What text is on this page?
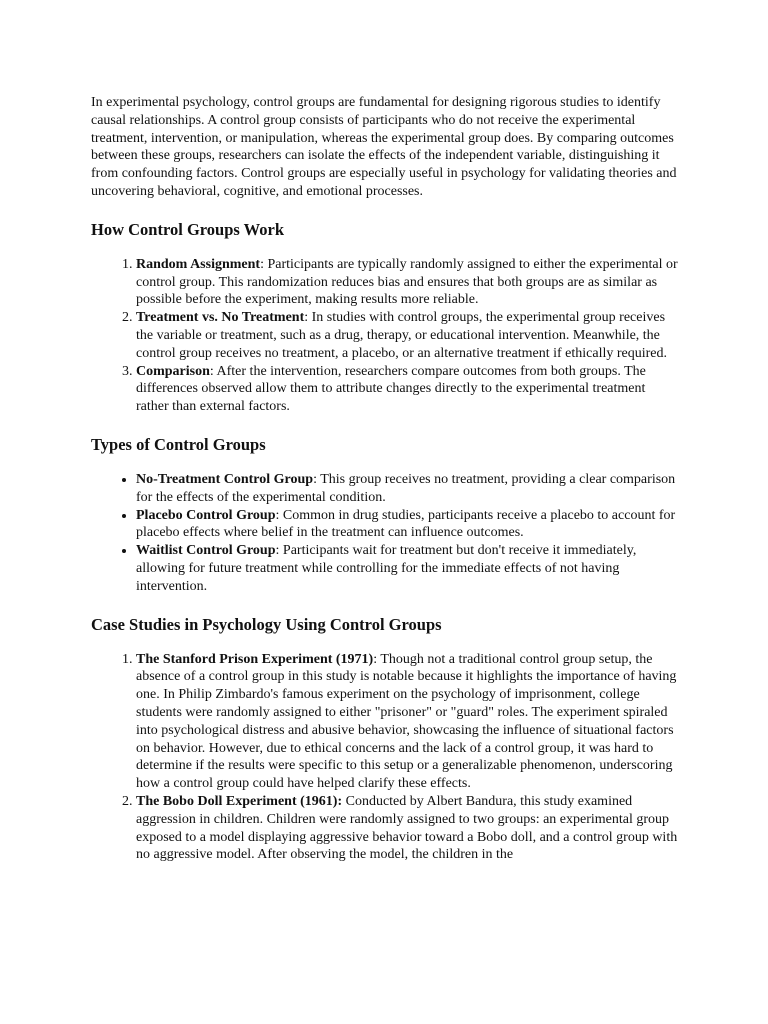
In experimental psychology, control groups are fundamental for designing rigorous studies to identify causal relationships. A control group consists of participants who do not receive the experimental treatment, intervention, or manipulation, whereas the experimental group does. By comparing outcomes between these groups, researchers can isolate the effects of the independent variable, distinguishing it from confounding factors. Control groups are especially useful in psychology for validating theories and uncovering behavioral, cognitive, and emotional processes.

How Control Groups Work
1. Random Assignment: Participants are typically randomly assigned to either the experimental or control group. This randomization reduces bias and ensures that both groups are as similar as possible before the experiment, making results more reliable.
2. Treatment vs. No Treatment: In studies with control groups, the experimental group receives the variable or treatment, such as a drug, therapy, or educational intervention. Meanwhile, the control group receives no treatment, a placebo, or an alternative treatment if ethically required.
3. Comparison: After the intervention, researchers compare outcomes from both groups. The differences observed allow them to attribute changes directly to the experimental treatment rather than external factors.
Types of Control Groups
• No-Treatment Control Group: This group receives no treatment, providing a clear comparison for the effects of the experimental condition.
• Placebo Control Group: Common in drug studies, participants receive a placebo to account for placebo effects where belief in the treatment can influence outcomes.
• Waitlist Control Group: Participants wait for treatment but don't receive it immediately, allowing for future treatment while controlling for the immediate effects of not having intervention.
Case Studies in Psychology Using Control Groups
1. The Stanford Prison Experiment (1971): Though not a traditional control group setup, the absence of a control group in this study is notable because it highlights the importance of having one. In Philip Zimbardo's famous experiment on the psychology of imprisonment, college students were randomly assigned to either "prisoner" or "guard" roles. The experiment spiraled into psychological distress and abusive behavior, showcasing the influence of situational factors on behavior. However, due to ethical concerns and the lack of a control group, it was hard to determine if the results were specific to this setup or a generalizable phenomenon, underscoring how a control group could have helped clarify these effects.
2. The Bobo Doll Experiment (1961): Conducted by Albert Bandura, this study examined aggression in children. Children were randomly assigned to two groups: an experimental group exposed to a model displaying aggressive behavior toward a Bobo doll, and a control group with no aggressive model. After observing the model, the children in the
